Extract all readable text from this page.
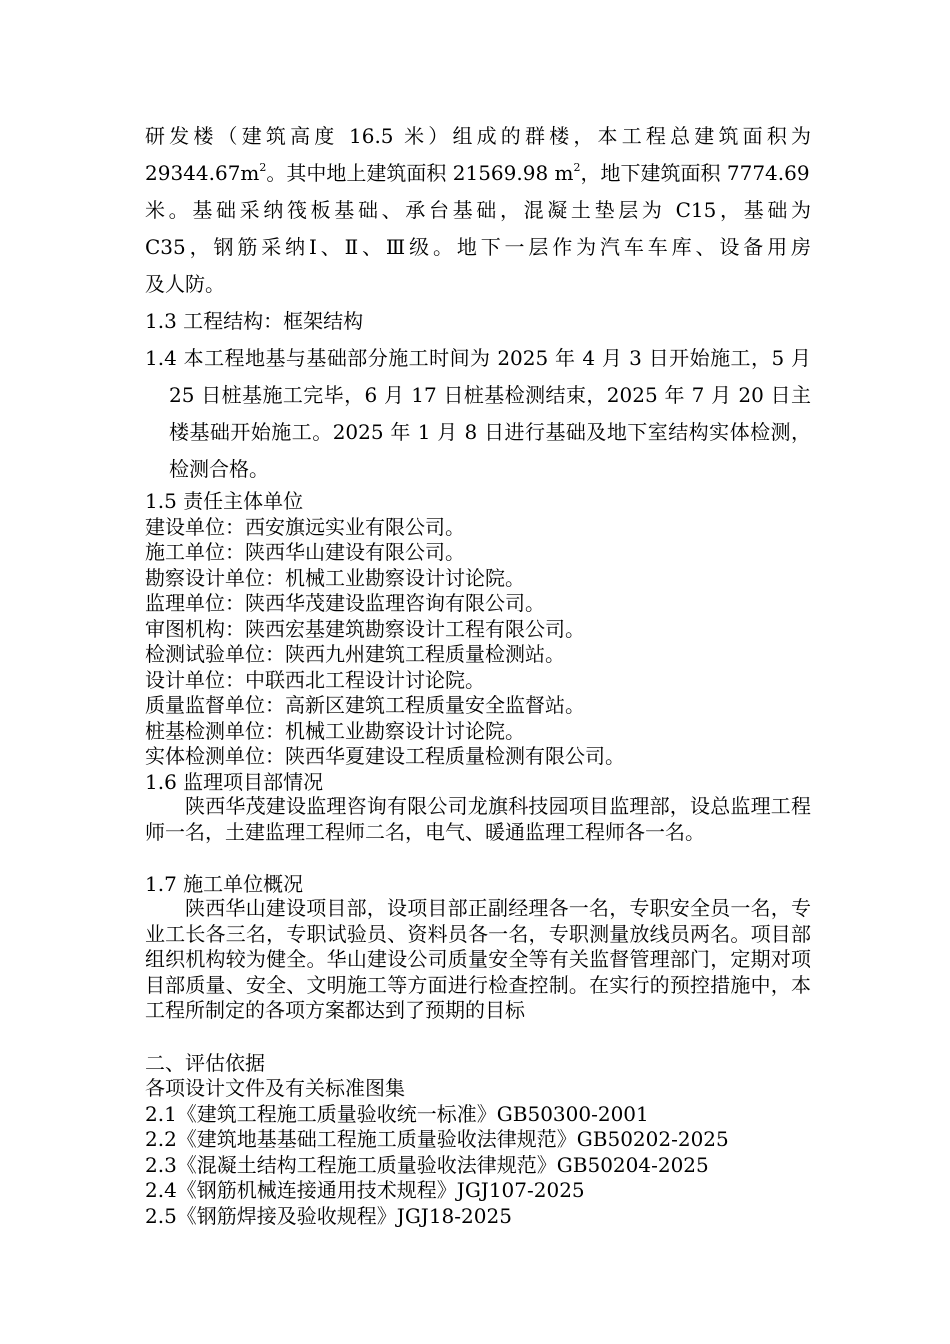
研发楼（建筑高度 16.5 米）组成的群楼，本工程总建筑面积为
$29344.67m^2$。其中地上建筑面积 21569.98 $m^2$，地下建筑面积 7774.69
米。基础采纳筏板基础、承台基础，混凝土垫层为 C15，基础为
C35，钢筋采纳Ⅰ、Ⅱ、Ⅲ级。地下一层作为汽车车库、设备用房
及人防。
1.3 工程结构：框架结构
1.4 本工程地基与基础部分施工时间为 2025 年 4 月 3 日开始施工，5 月 25 日桩基施工完毕，6 月 17 日桩基检测结束，2025 年 7 月 20 日主楼基础开始施工。2025 年 1 月 8 日进行基础及地下室结构实体检测，检测合格。
1.5 责任主体单位
建设单位：西安旗远实业有限公司。
施工单位：陕西华山建设有限公司。
勘察设计单位：机械工业勘察设计讨论院。
监理单位：陕西华茂建设监理咨询有限公司。
审图机构：陕西宏基建筑勘察设计工程有限公司。
检测试验单位：陕西九州建筑工程质量检测站。
设计单位：中联西北工程设计讨论院。
质量监督单位：高新区建筑工程质量安全监督站。
桩基检测单位：机械工业勘察设计讨论院。
实体检测单位：陕西华夏建设工程质量检测有限公司。
1.6 监理项目部情况
陕西华茂建设监理咨询有限公司龙旗科技园项目监理部，设总监理工程师一名，土建监理工程师二名，电气、暖通监理工程师各一名。
1.7 施工单位概况
陕西华山建设项目部，设项目部正副经理各一名，专职安全员一名，专业工长各三名，专职试验员、资料员各一名，专职测量放线员两名。项目部组织机构较为健全。华山建设公司质量安全等有关监督管理部门，定期对项目部质量、安全、文明施工等方面进行检查控制。在实行的预控措施中，本工程所制定的各项方案都达到了预期的目标
二、评估依据
各项设计文件及有关标准图集
2.1《建筑工程施工质量验收统一标准》GB50300-2001
2.2《建筑地基基础工程施工质量验收法律规范》GB50202-2025
2.3《混凝土结构工程施工质量验收法律规范》GB50204-2025
2.4《钢筋机械连接通用技术规程》JGJ107-2025
2.5《钢筋焊接及验收规程》JGJ18-2025
